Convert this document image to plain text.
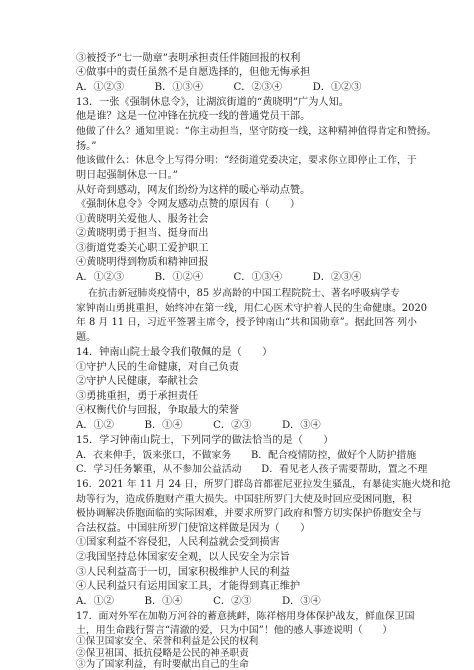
③被授予“七一勋章”表明承担责任伴随回报的权利
④做事中的责任虽然不是自愿选择的，但他无悔承担
A．①②③　　　B．①③④　　　C．②③④　　　D．①②③
13．一张《强制休息令》，让湖滨街道的“黄晓明”广为人知。
他是谁？这是一位冲锋在抗疫一线的普通党员干部。
他做了什么？通知里说：“你主动担当，坚守防疫一线，这种精神值得肯定和赞扬。
扬。”
他该做什么：休息令上写得分明：“经街道党委决定，要求你立即停止工作，于
明日起强制休息一日。”
从好奇到感动，网友们纷纷为这样的暖心举动点赞。
《强制休息令》令网友感动点赞的原因有（　　）
①黄晓明关爱他人、服务社会
②黄晓明勇于担当、挺身而出
③街道党委关心职工爱护职工
④黄晓明得到物质和精神回报
A．①②③　　　B．①②④　　　C．①③④　　　D．②③④
在抗击新冠肺炎疫情中，85 岁高龄的中国工程院院士、著名呼吸病学专
家钟南山勇挑重担，始终冲在第一线，用仁心医术守护着人民的生命健康。2020
年 8 月 11 日，习近平签署主席令，授予钟南山“共和国勋章”。据此回答 列小
题。
14．钟南山院士最令我们敬佩的是（　　）
①守护人民的生命健康，对自己负责
②守护人民健康，奉献社会
③勇挑重担，勇于承担责任
④权衡代价与回报，争取最大的荣誉
A．①②　　　B．①④　　　C．②③　　　D．③④
15．学习钟南山院士，下列同学的做法恰当的是（　　）
A．衣来伸手，饭来张口，不做家务　　B．配合疫情防控，做好个人防护措施
C．学习任务繁重，从不参加公益活动　　D．看见老人孩子需要帮助，置之不理
16．2021 年 11 月 24 日，所罗门群岛首都霍尼亚拉发生骚乱，有暴徒实施火烧和抢
劫等行为，造成侨胞财产重大损失。中国驻所罗门大使及时回应受困同胞，积
极协调解决侨胞面临的实际困难，并要求所罗门政府和警方切实保护侨胞安全与
合法权益。中国驻所罗门使馆这样做是因为（　　）
①国家利益不容侵犯，人民利益就会受到损害
②我国坚持总体国家安全观，以人民安全为宗旨
③人民利益高于一切，国家积极维护人民的利益
④人民利益只有运用国家工具，才能得到真正维护
A．①②　　　B．①④　　　C．②③　　　D．③④
17．面对外军在加勒万河谷的蓄意挑衅，陈祥榕用身体保护战友，鲜血保卫国
土，用生命践行誓言“清澈的爱，只为中国”！他的感人事迹说明（　　）
①保卫国家安全、荣誉和利益是公民的权利
②保卫祖国、抵抗侵略是公民的神圣职责
③为了国家利益，有时要献出自己的生命
